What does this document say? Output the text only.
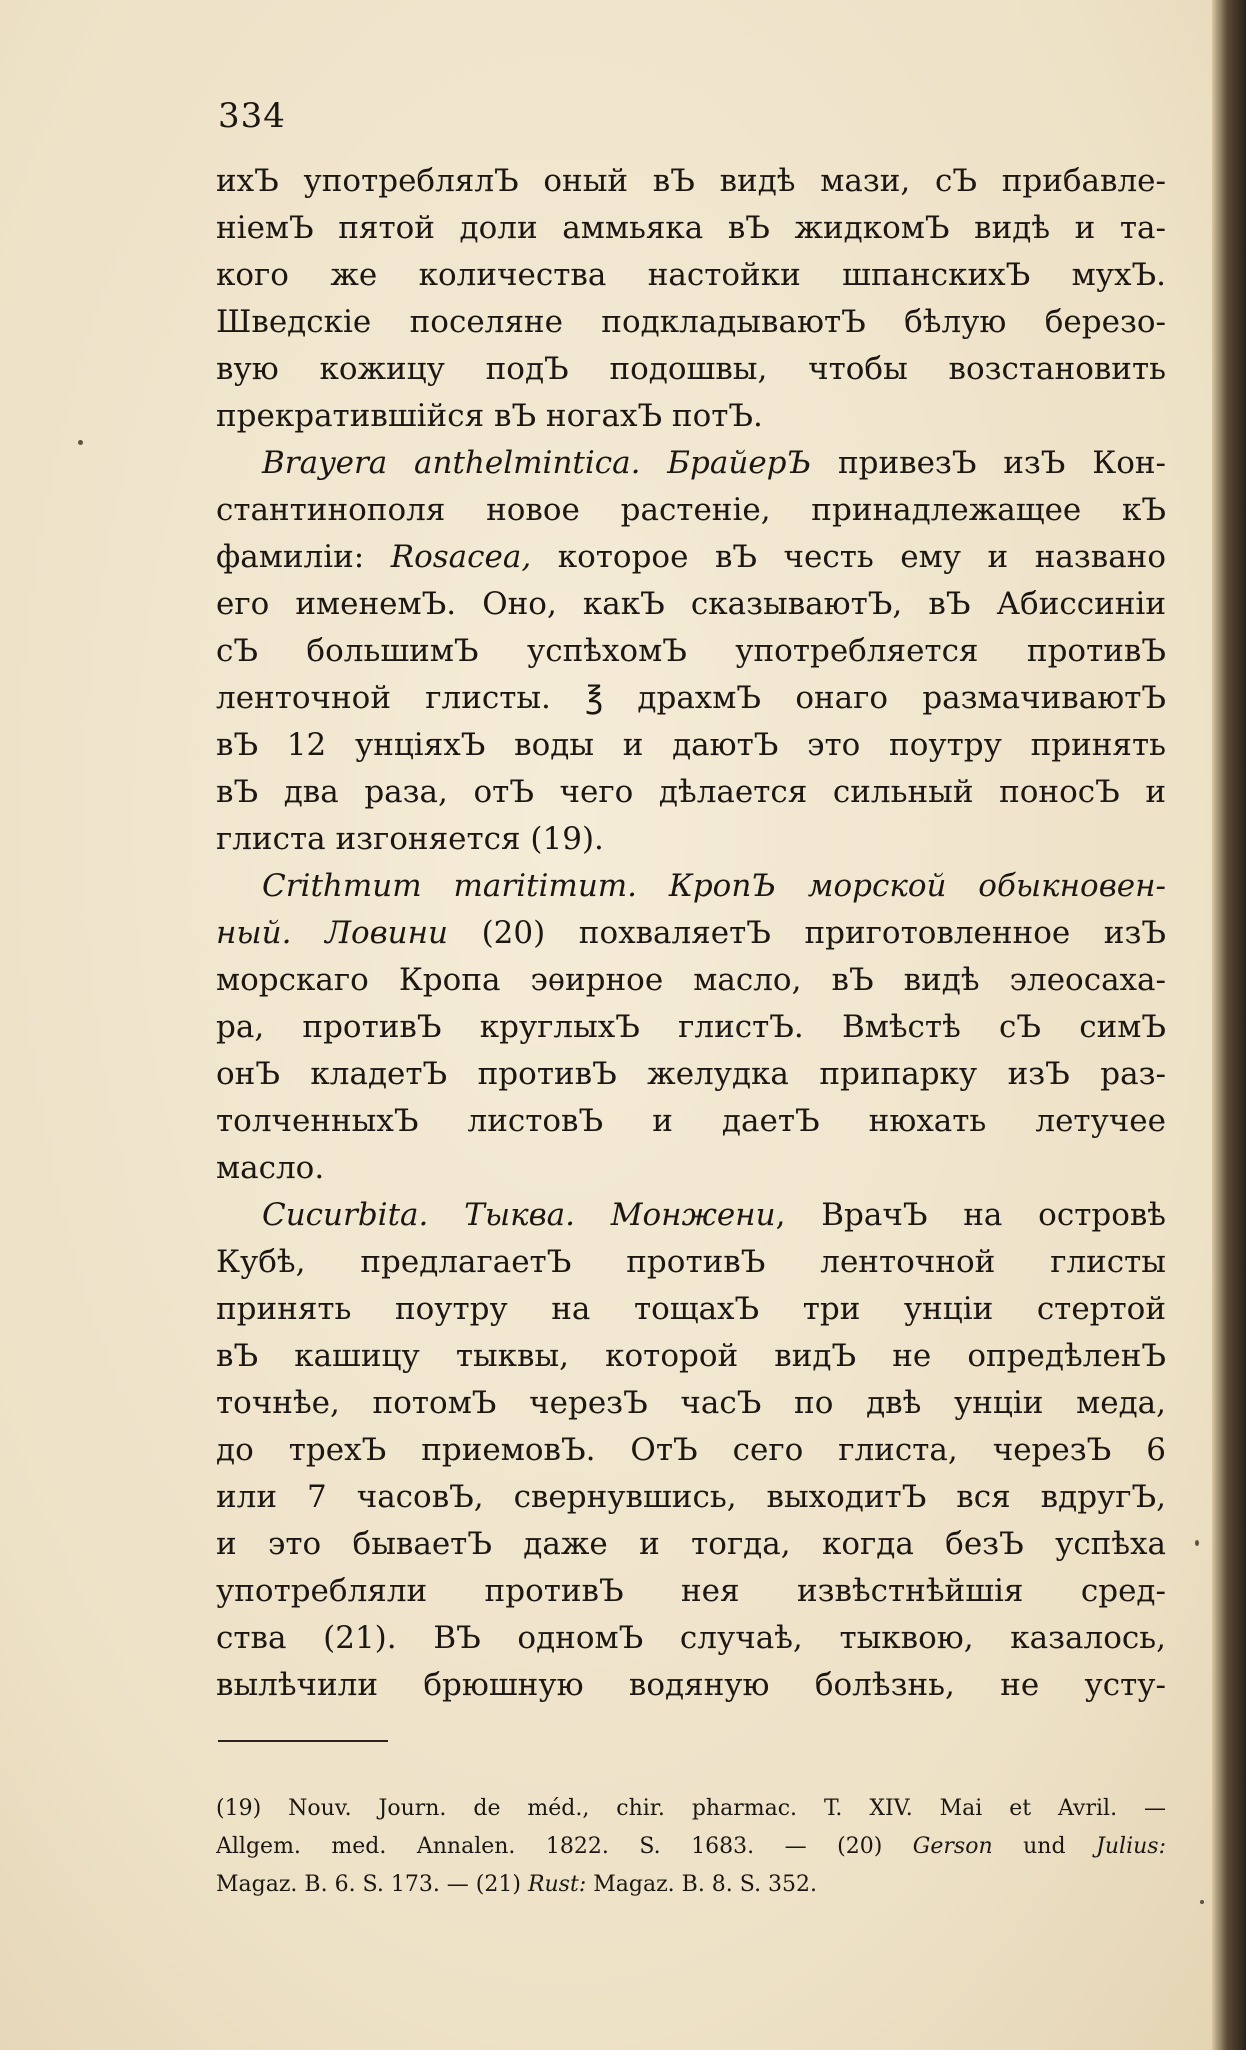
334
ихЪ употреблялЪ оный вЪ видѣ мази, сЪ прибавле-
ніемЪ пятой доли аммьяка вЪ жидкомЪ видѣ и та-
кого же количества настойки шпанскихЪ мухЪ.
Шведскіе поселяне подкладываютЪ бѣлую березо-
вую кожицу подЪ подошвы, чтобы возстановить
прекратившійся вЪ ногахЪ потЪ.
Brayera anthelmintica. БрайерЪ привезЪ изЪ Кон-
стантинополя новое растеніе, принадлежащее кЪ
фамиліи: Rosacea, которое вЪ честь ему и названо
его именемЪ. Оно, какЪ сказываютЪ, вЪ Абиссиніи
сЪ большимЪ успѣхомЪ употребляется противЪ
ленточной глисты. ℥ драхмЪ онаго размачиваютЪ
вЪ 12 унціяхЪ воды и даютЪ это поутру принять
вЪ два раза, отЪ чего дѣлается сильный поносЪ и
глиста изгоняется (19).
Crithmum maritimum. КропЪ морской обыкновен-
ный. Ловини (20) похваляетЪ приготовленное изЪ
морскаго Кропа эѳирное масло, вЪ видѣ элеосаха-
ра, противЪ круглыхЪ глистЪ. Вмѣстѣ сЪ симЪ
онЪ кладетЪ противЪ желудка припарку изЪ раз-
толченныхЪ листовЪ и даетЪ нюхать летучее
масло.
Cucurbita. Тыква. Монжени, ВрачЪ на островѣ
Кубѣ, предлагаетЪ противЪ ленточной глисты
принять поутру на тощахЪ три унціи стертой
вЪ кашицу тыквы, которой видЪ не опредѣленЪ
точнѣе, потомЪ черезЪ часЪ по двѣ унціи меда,
до трехЪ приемовЪ. ОтЪ сего глиста, черезЪ 6
или 7 часовЪ, свернувшись, выходитЪ вся вдругЪ,
и это бываетЪ даже и тогда, когда безЪ успѣха
употребляли противЪ нея извѣстнѣйшія сред-
ства (21). ВЪ одномЪ случаѣ, тыквою, казалось,
вылѣчили брюшную водяную болѣзнь, не усту-
(19) Nouv. Journ. de méd., chir. pharmac. T. XIV. Mai et Avril. —
Allgem. med. Annalen. 1822. S. 1683. — (20) Gerson und Julius:
Magaz. B. 6. S. 173. — (21) Rust: Magaz. B. 8. S. 352.
